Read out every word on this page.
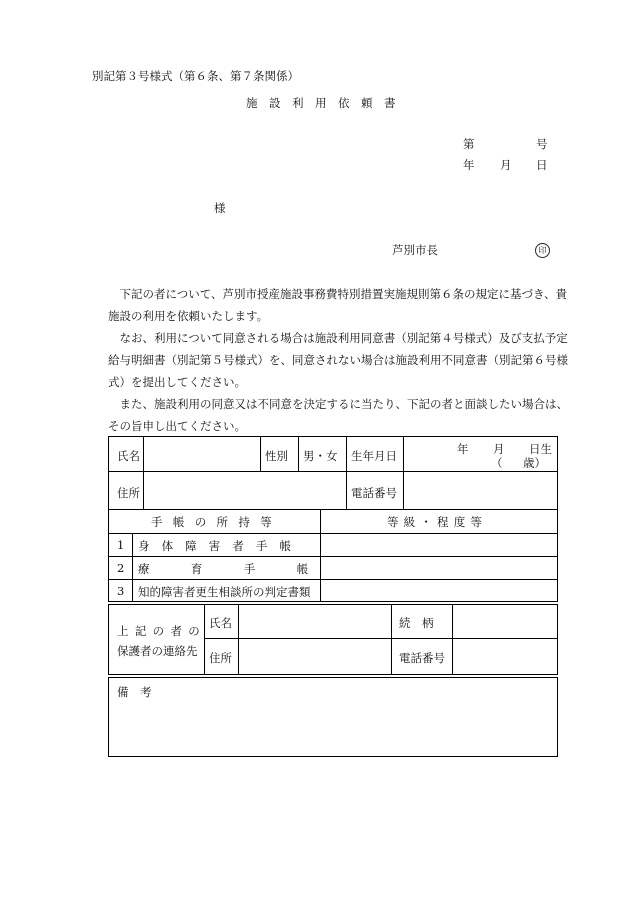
別記第３号様式（第６条、第７条関係）
施　設　利　用　依　頼　書
第	号
年 月 日
様
芦別市長	印

下記の者について、芦別市授産施設事務費特別措置実施規則第６条の規定に基づき、貴施設の利用を依頼いたします。

なお、利用について同意される場合は施設利用同意書（別記第４号様式）及び支払予定給与明細書（別記第５号様式）を、同意されない場合は施設利用不同意書（別記第６号様式）を提出してください。

また、施設利用の同意又は不同意を決定するに当たり、下記の者と面談したい場合は、その旨申し出てください。

氏名	性別 男・女 生年月日	年 月 日生
（ 歳）
住所	電話番号
手帳の所持等	等級・程度等
1 身体障害者手帳
2 療育手帳
3 知的障害者更生相談所の判定書類
上記の者の
保護者の連絡先
氏名	続　柄
住所	電話番号
備　考
